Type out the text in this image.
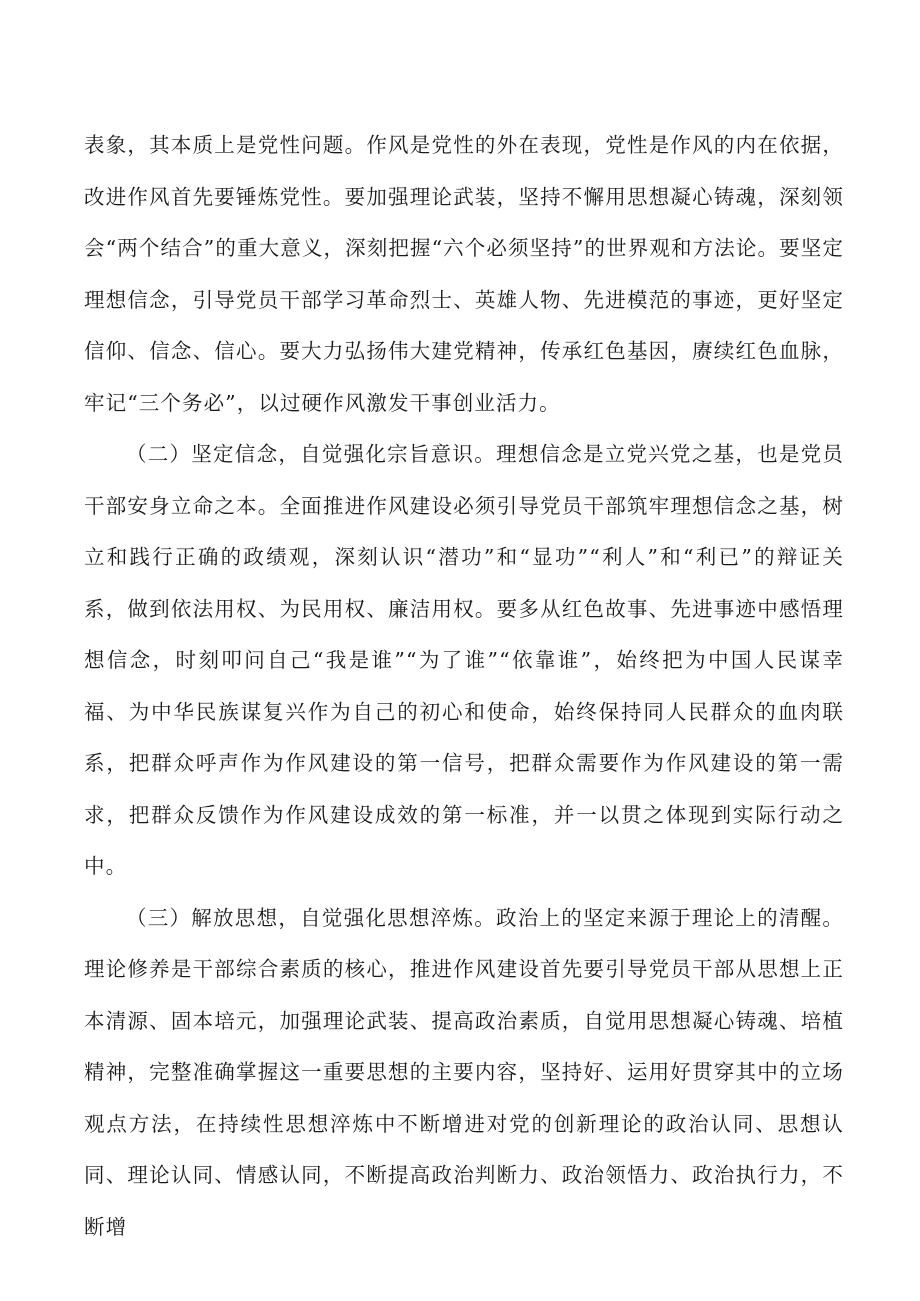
表象，其本质上是党性问题。作风是党性的外在表现，党性是作风的内在依据，改进作风首先要锤炼党性。要加强理论武装，坚持不懈用思想凝心铸魂，深刻领会“两个结合”的重大意义，深刻把握“六个必须坚持”的世界观和方法论。要坚定理想信念，引导党员干部学习革命烈士、英雄人物、先进模范的事迹，更好坚定信仰、信念、信心。要大力弘扬伟大建党精神，传承红色基因，赓续红色血脉，牢记“三个务必”，以过硬作风激发干事创业活力。

（二）坚定信念，自觉强化宗旨意识。理想信念是立党兴党之基，也是党员干部安身立命之本。全面推进作风建设必须引导党员干部筑牢理想信念之基，树立和践行正确的政绩观，深刻认识“潜功”和“显功”“利人”和“利已”的辩证关系，做到依法用权、为民用权、廉洁用权。要多从红色故事、先进事迹中感悟理想信念，时刻叩问自己“我是谁”“为了谁”“依靠谁”，始终把为中国人民谋幸福、为中华民族谋复兴作为自己的初心和使命，始终保持同人民群众的血肉联系，把群众呼声作为作风建设的第一信号，把群众需要作为作风建设的第一需求，把群众反馈作为作风建设成效的第一标准，并一以贯之体现到实际行动之中。

（三）解放思想，自觉强化思想淬炼。政治上的坚定来源于理论上的清醒。理论修养是干部综合素质的核心，推进作风建设首先要引导党员干部从思想上正本清源、固本培元，加强理论武装、提高政治素质，自觉用思想凝心铸魂、培植精神，完整准确掌握这一重要思想的主要内容，坚持好、运用好贯穿其中的立场观点方法，在持续性思想淬炼中不断增进对党的创新理论的政治认同、思想认同、理论认同、情感认同，不断提高政治判断力、政治领悟力、政治执行力，不断增
